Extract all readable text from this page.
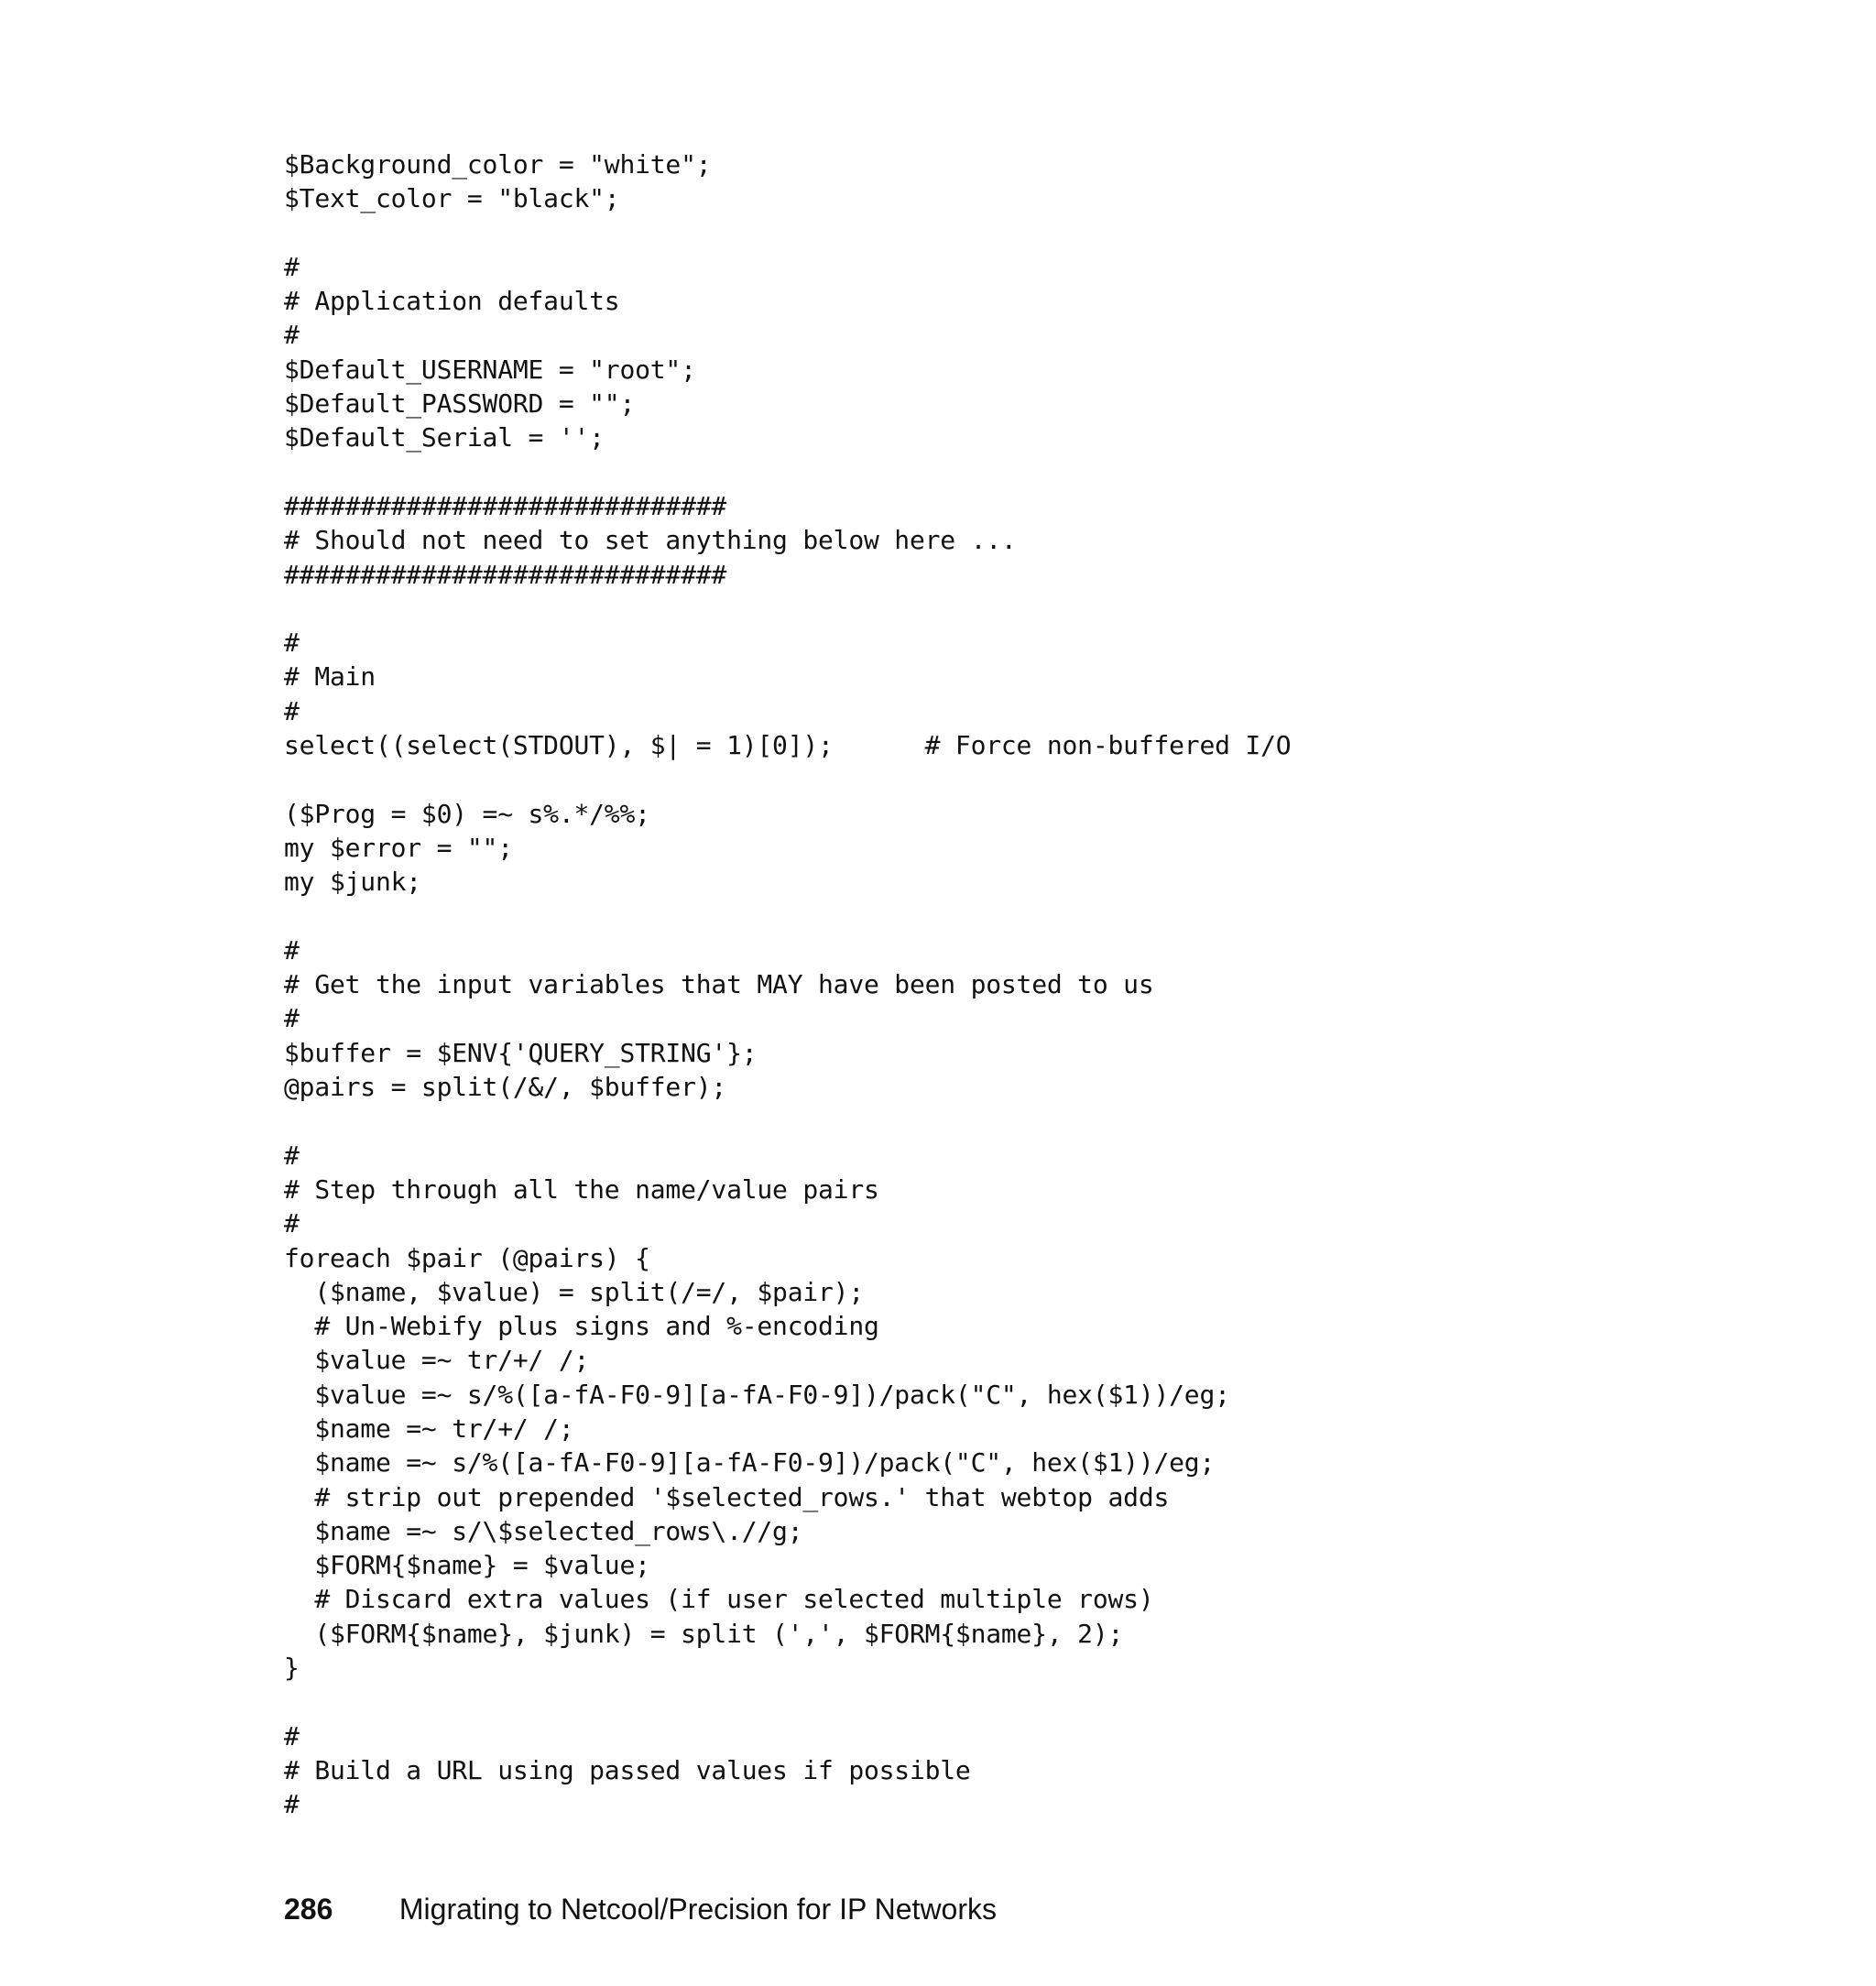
$Background_color = "white";
$Text_color = "black";
#
# Application defaults
#
$Default_USERNAME = "root";
$Default_PASSWORD = "";
$Default_Serial = '';
#############################
# Should not need to set anything below here ...
#############################
#
# Main
#
select((select(STDOUT), $| = 1)[0]);      # Force non-buffered I/O
($Prog = $0) =~ s%.*/%%;
my $error = "";
my $junk;
#
# Get the input variables that MAY have been posted to us
#
$buffer = $ENV{'QUERY_STRING'};
@pairs = split(/&/, $buffer);
#
# Step through all the name/value pairs
#
foreach $pair (@pairs) {
($name, $value) = split(/=/, $pair);
# Un-Webify plus signs and %-encoding
$value =~ tr/+/ /;
$value =~ s/%([a-fA-F0-9][a-fA-F0-9])/pack("C", hex($1))/eg;
$name =~ tr/+/ /;
$name =~ s/%([a-fA-F0-9][a-fA-F0-9])/pack("C", hex($1))/eg;
# strip out prepended '$selected_rows.' that webtop adds
$name =~ s/\$selected_rows\.//g;
$FORM{$name} = $value;
# Discard extra values (if user selected multiple rows)
($FORM{$name}, $junk) = split (',', $FORM{$name}, 2);
}
#
# Build a URL using passed values if possible
#
286 Migrating to Netcool/Precision for IP Networks
